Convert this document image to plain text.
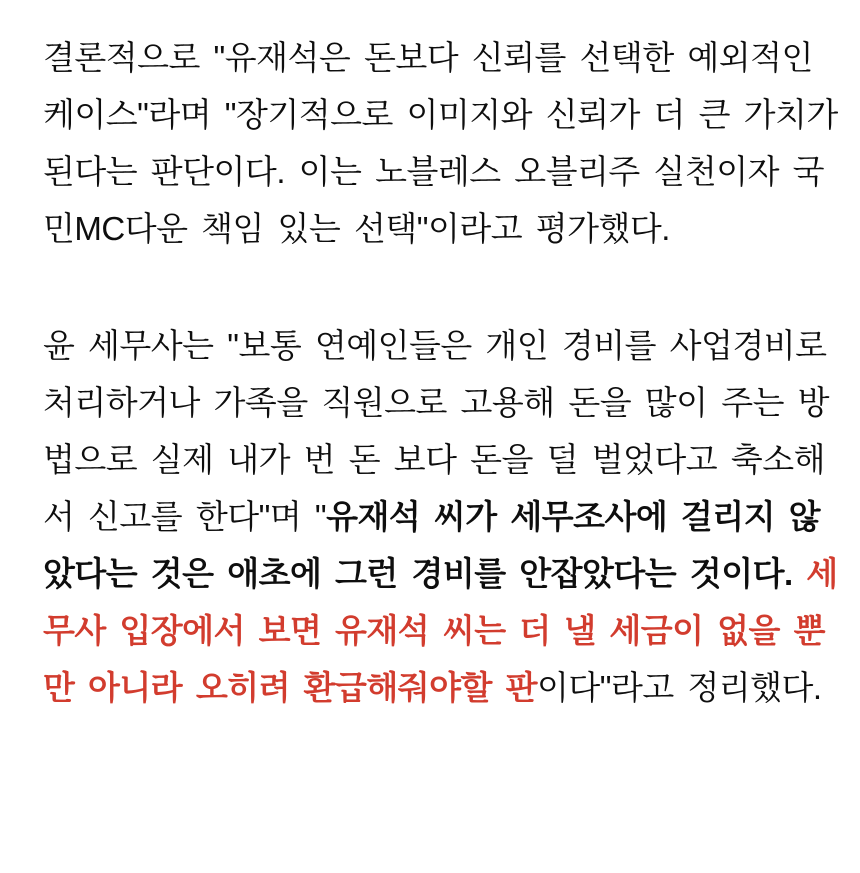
결론적으로 "유재석은 돈보다 신뢰를 선택한 예외적인 케이스"라며 "장기적으로 이미지와 신뢰가 더 큰 가치가 된다는 판단이다. 이는 노블레스 오블리주 실천이자 국민MC다운 책임 있는 선택"이라고 평가했다.

윤 세무사는 "보통 연예인들은 개인 경비를 사업경비로 처리하거나 가족을 직원으로 고용해 돈을 많이 주는 방법으로 실제 내가 번 돈 보다 돈을 덜 벌었다고 축소해서 신고를 한다"며 "유재석 씨가 세무조사에 걸리지 않았다는 것은 애초에 그런 경비를 안잡았다는 것이다. 세무사 입장에서 보면 유재석 씨는 더 낼 세금이 없을 뿐만 아니라 오히려 환급해줘야할 판이다"라고 정리했다.
